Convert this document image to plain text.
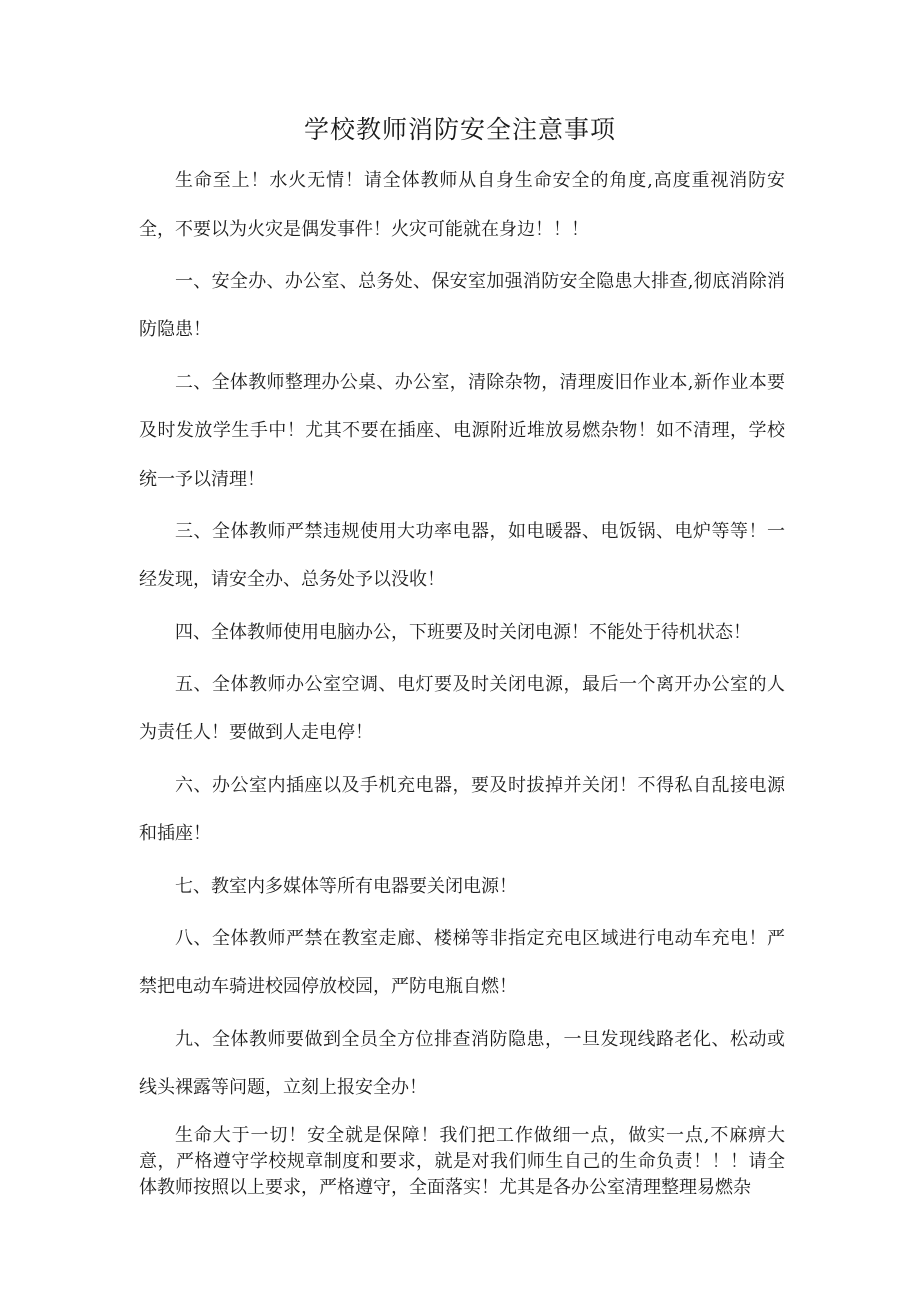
学校教师消防安全注意事项

生命至上！水火无情！请全体教师从自身生命安全的角度,高度重视消防安全，不要以为火灾是偶发事件！火灾可能就在身边！！！

一、安全办、办公室、总务处、保安室加强消防安全隐患大排查,彻底消除消防隐患！

二、全体教师整理办公桌、办公室，清除杂物，清理废旧作业本,新作业本要及时发放学生手中！尤其不要在插座、电源附近堆放易燃杂物！如不清理，学校统一予以清理！

三、全体教师严禁违规使用大功率电器，如电暖器、电饭锅、电炉等等！一经发现，请安全办、总务处予以没收！

四、全体教师使用电脑办公，下班要及时关闭电源！不能处于待机状态！

五、全体教师办公室空调、电灯要及时关闭电源，最后一个离开办公室的人为责任人！要做到人走电停！

六、办公室内插座以及手机充电器，要及时拔掉并关闭！不得私自乱接电源和插座！

七、教室内多媒体等所有电器要关闭电源！

八、全体教师严禁在教室走廊、楼梯等非指定充电区域进行电动车充电！严禁把电动车骑进校园停放校园，严防电瓶自燃！

九、全体教师要做到全员全方位排查消防隐患，一旦发现线路老化、松动或线头裸露等问题，立刻上报安全办！

生命大于一切！安全就是保障！我们把工作做细一点，做实一点,不麻痹大意，严格遵守学校规章制度和要求，就是对我们师生自己的生命负责！！！请全体教师按照以上要求，严格遵守，全面落实！尤其是各办公室清理整理易燃杂
